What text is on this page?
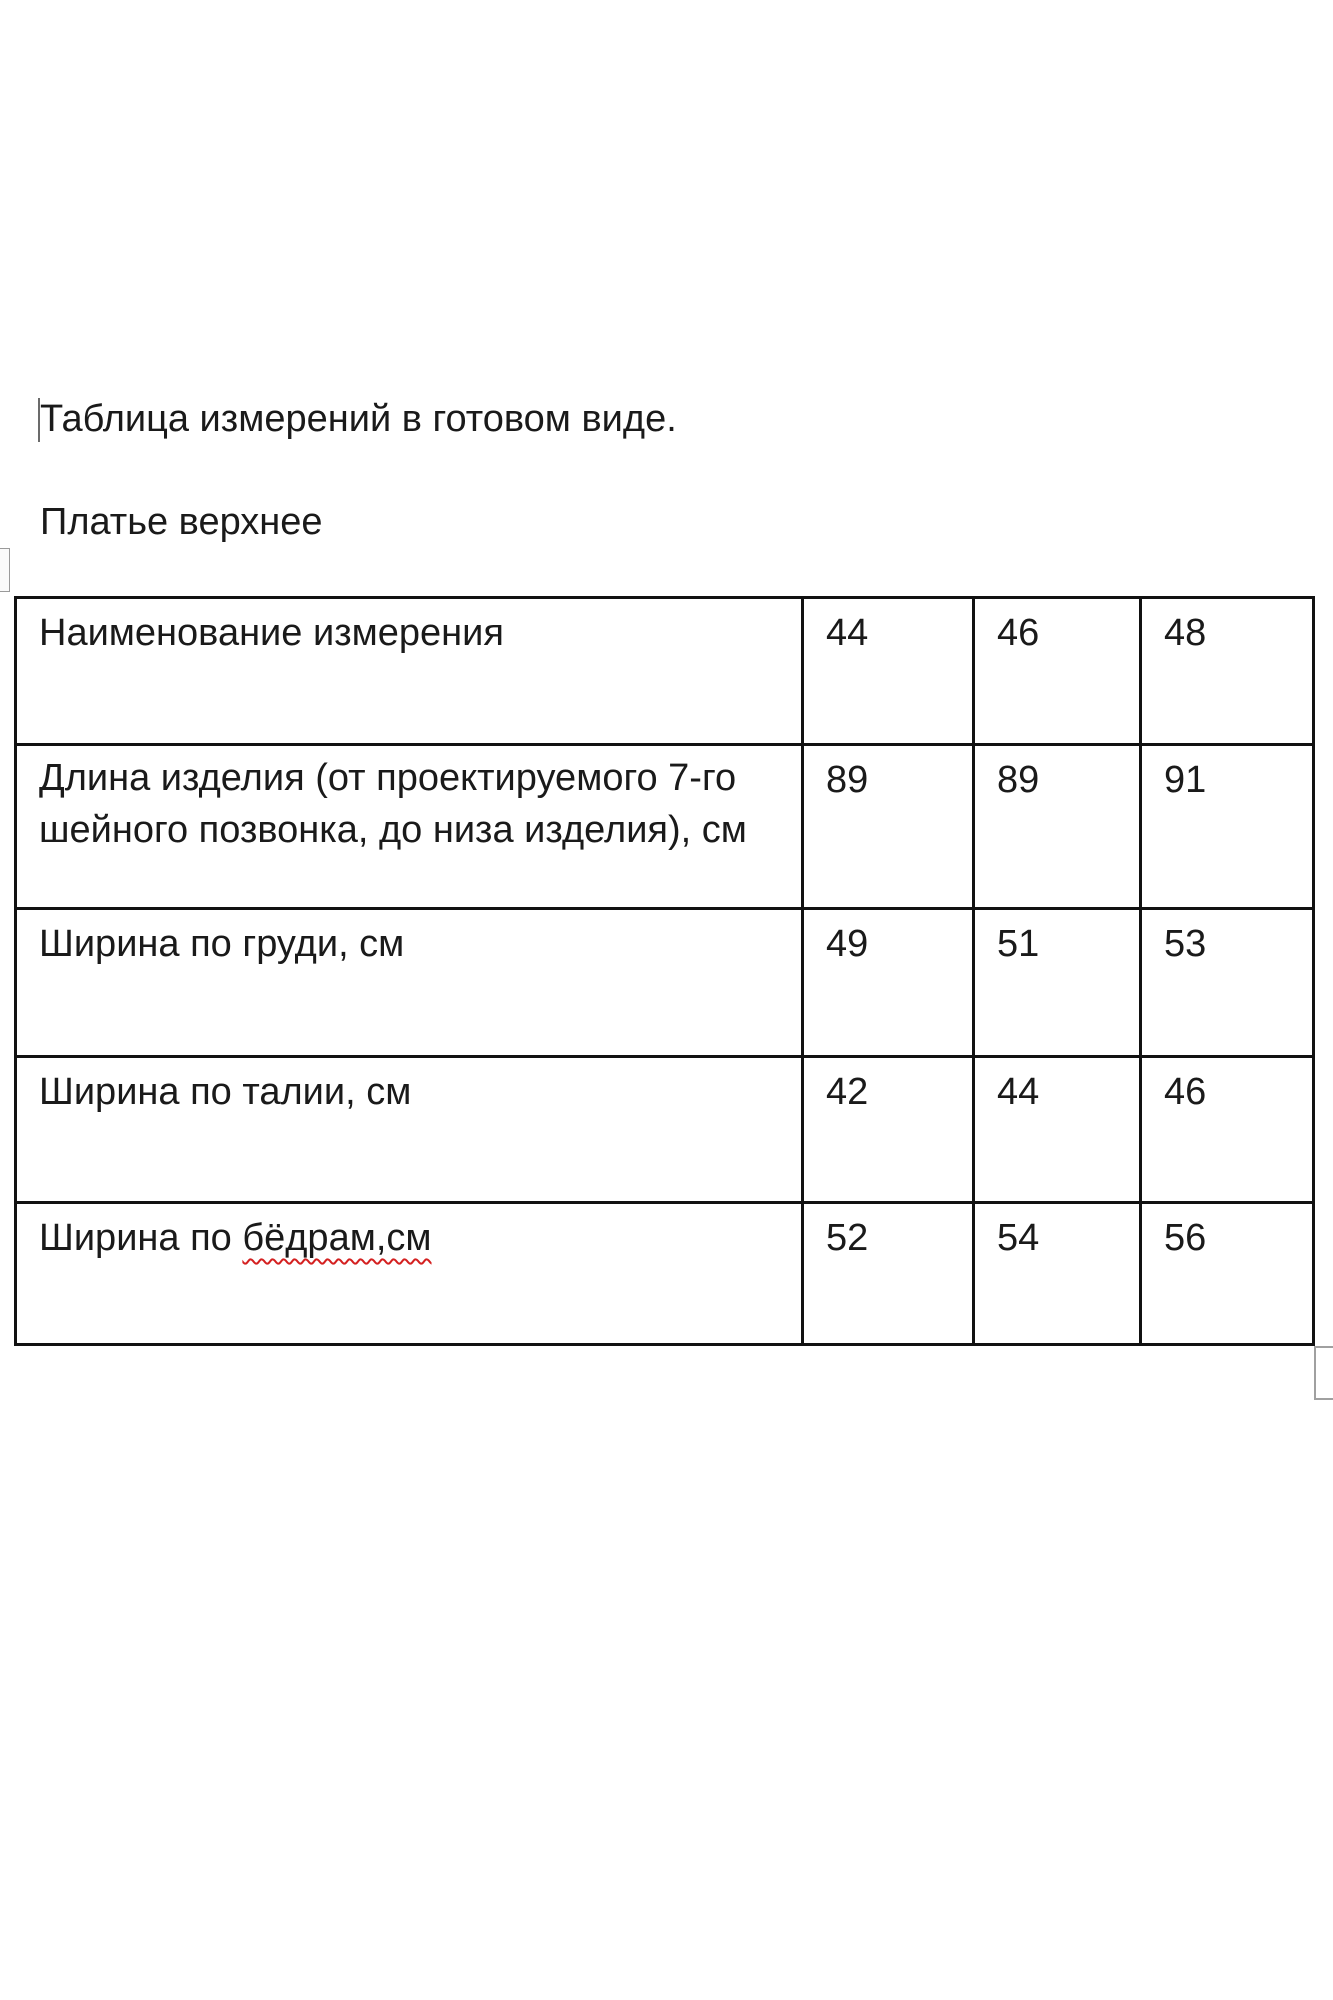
Таблица измерений в готовом виде.
Платье верхнее
Наименование измерения	44	46	48
Длина изделия (от проектируемого 7-го шейного позвонка, до низа изделия), см	89	89	91
Ширина по груди, см	49	51	53
Ширина по талии, см	42	44	46
Ширина по бёдрам,см	52	54	56
